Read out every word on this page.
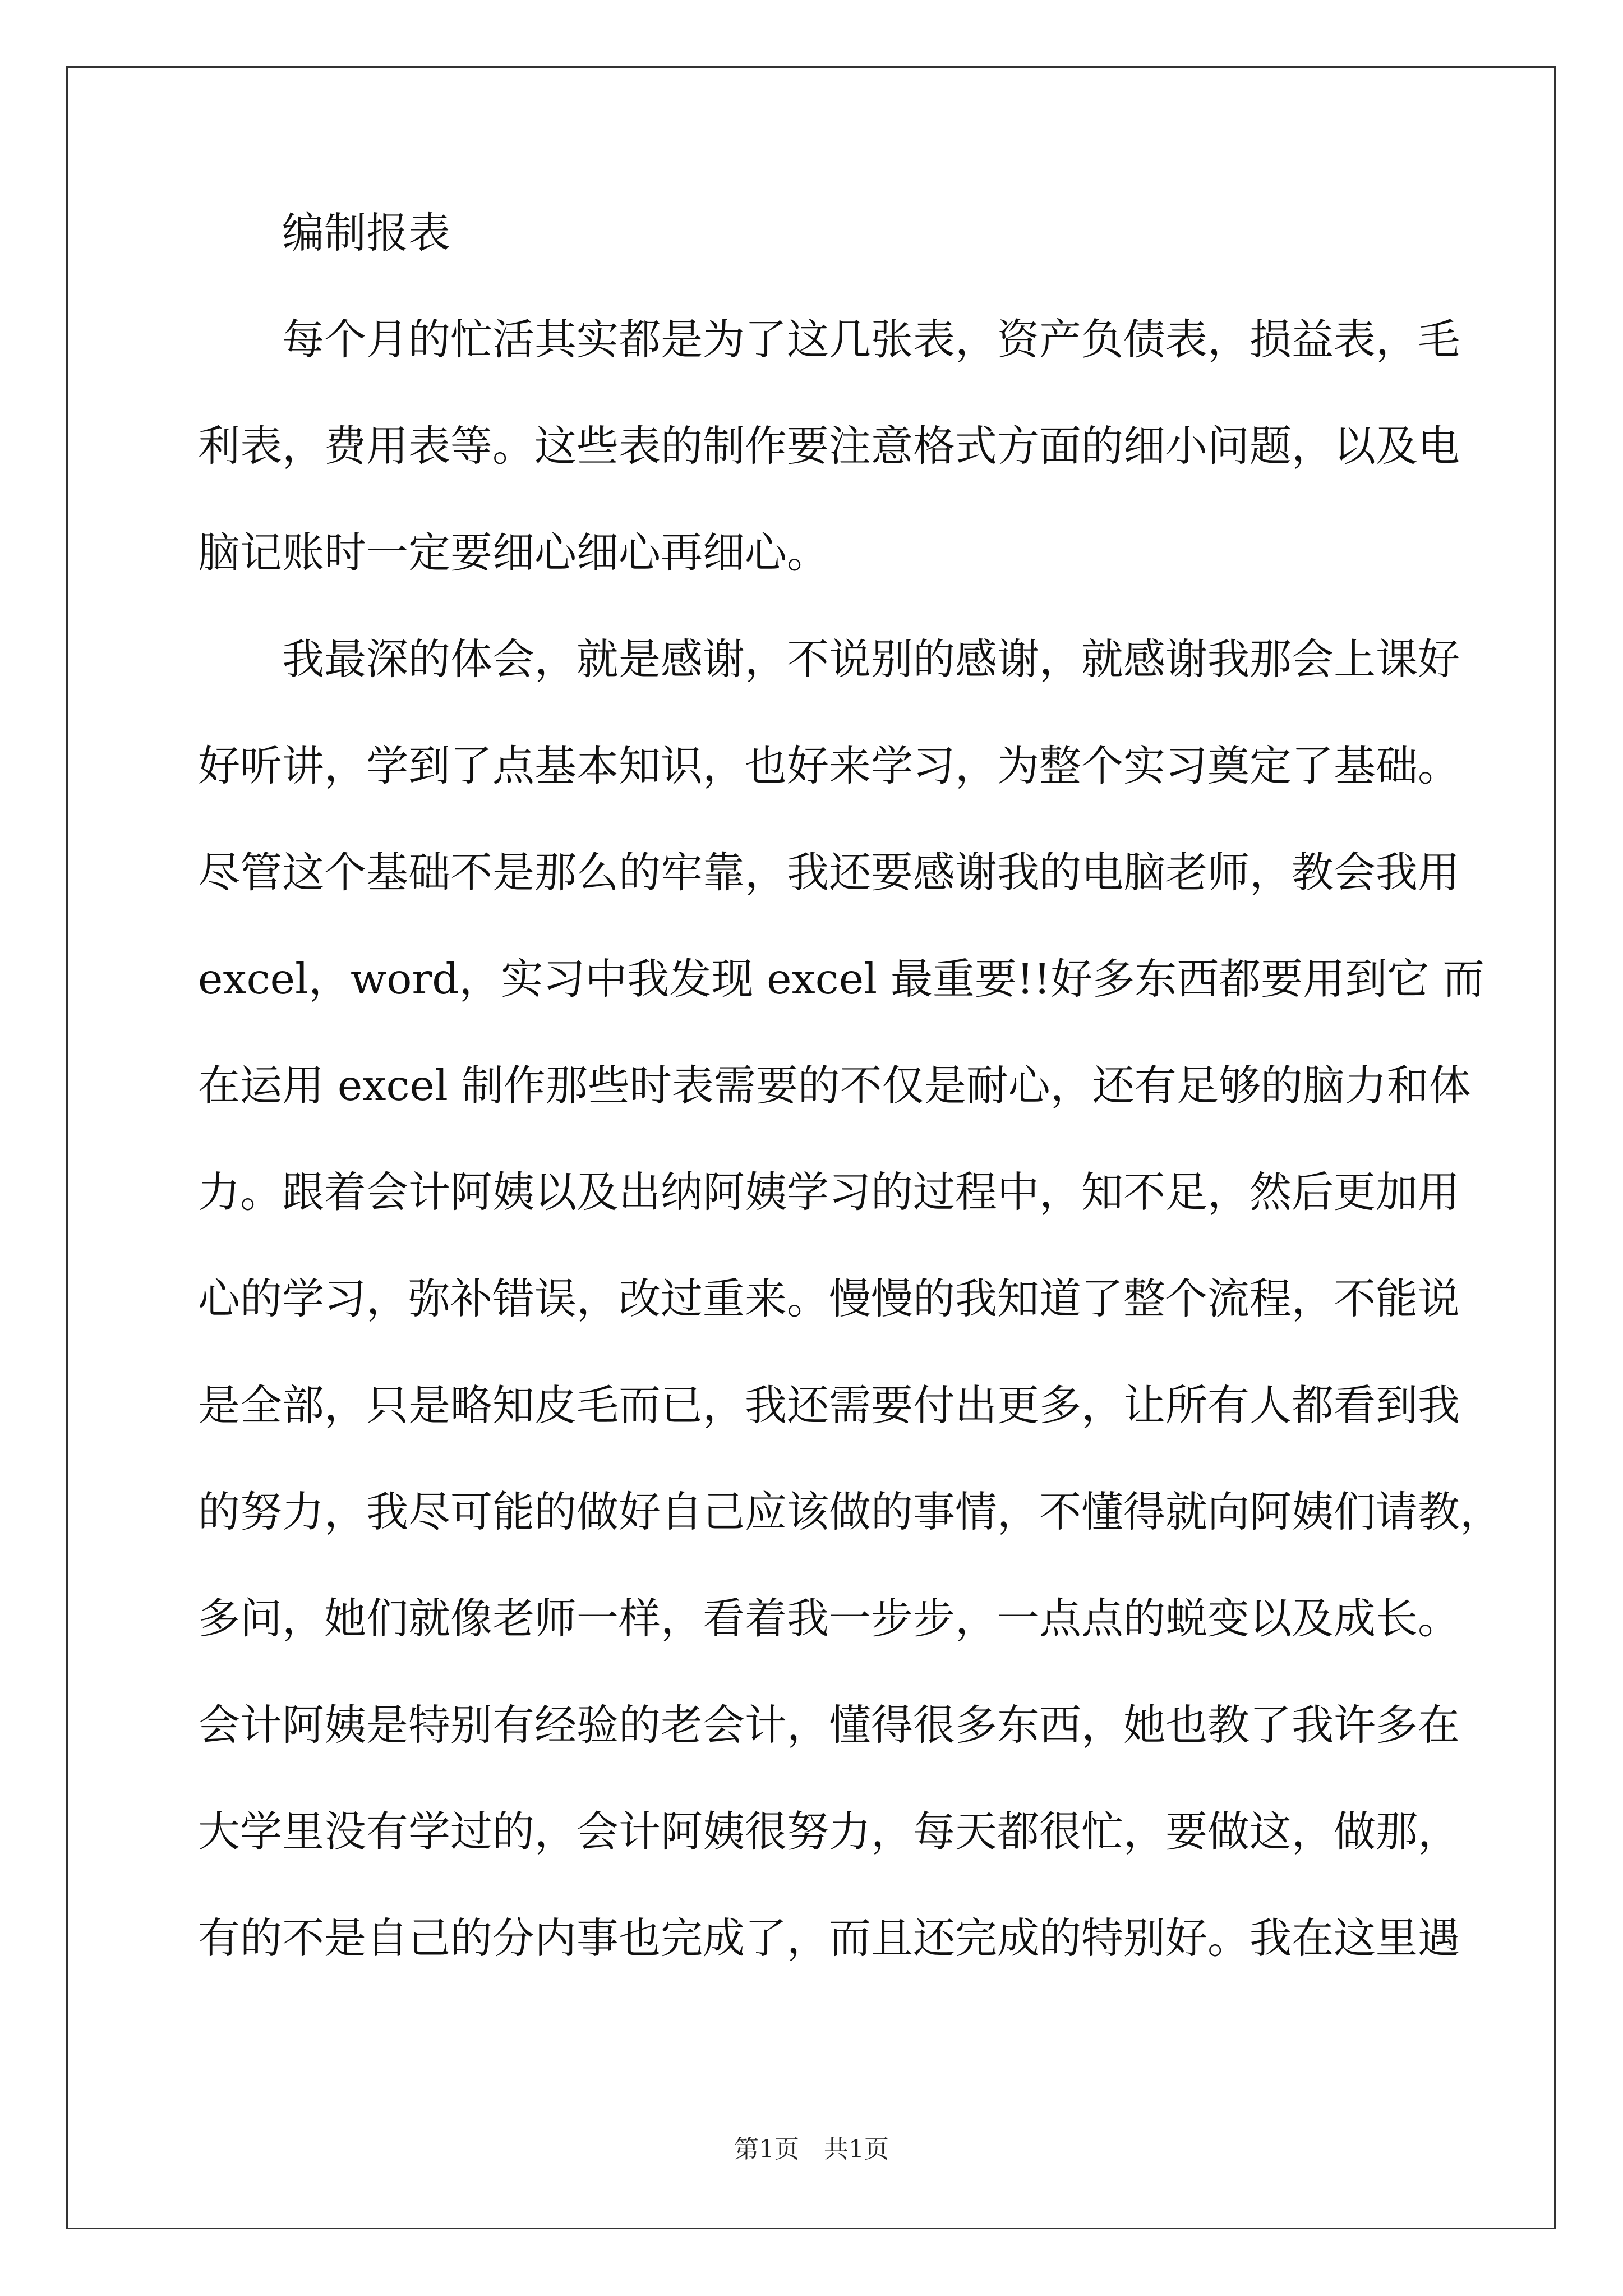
　　编制报表
　　每个月的忙活其实都是为了这几张表，资产负债表，损益表，毛
利表，费用表等。这些表的制作要注意格式方面的细小问题，以及电
脑记账时一定要细心细心再细心。
　　我最深的体会，就是感谢，不说别的感谢，就感谢我那会上课好
好听讲，学到了点基本知识，也好来学习，为整个实习奠定了基础。
尽管这个基础不是那么的牢靠，我还要感谢我的电脑老师，教会我用
excel，word，实习中我发现 excel 最重要!!好多东西都要用到它 而
在运用 excel 制作那些时表需要的不仅是耐心，还有足够的脑力和体
力。跟着会计阿姨以及出纳阿姨学习的过程中，知不足，然后更加用
心的学习，弥补错误，改过重来。慢慢的我知道了整个流程，不能说
是全部，只是略知皮毛而已，我还需要付出更多，让所有人都看到我
的努力，我尽可能的做好自己应该做的事情，不懂得就向阿姨们请教，
多问，她们就像老师一样，看着我一步步，一点点的蜕变以及成长。
会计阿姨是特别有经验的老会计，懂得很多东西，她也教了我许多在
大学里没有学过的，会计阿姨很努力，每天都很忙，要做这，做那，
有的不是自己的分内事也完成了，而且还完成的特别好。我在这里遇
第1页　共1页
